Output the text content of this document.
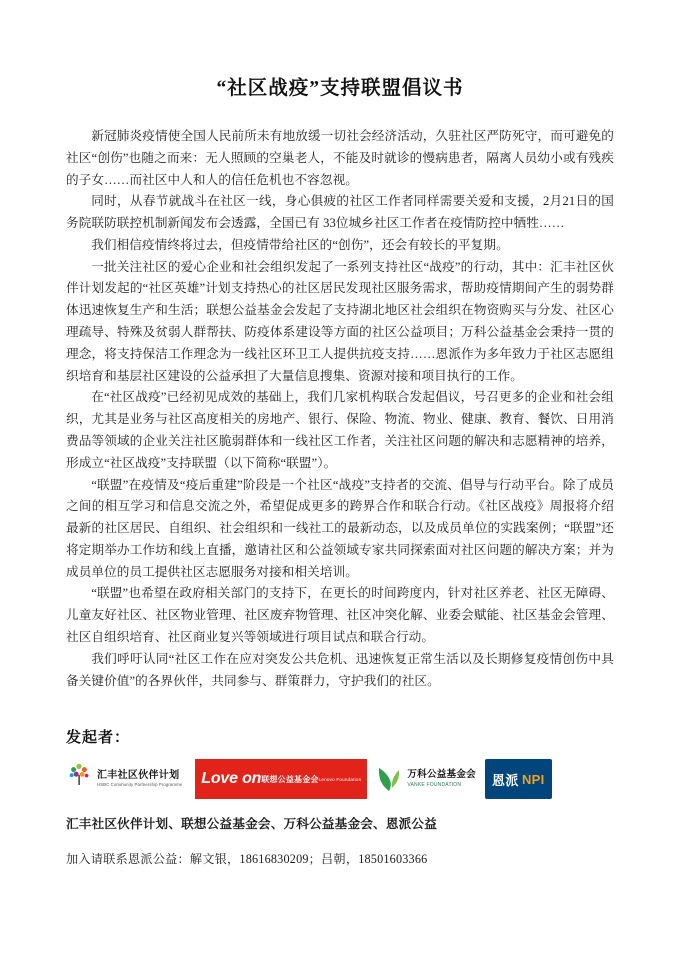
“社区战疫”支持联盟倡议书

新冠肺炎疫情使全国人民前所未有地放缓一切社会经济活动，久驻社区严防死守，而可避免的社区“创伤”也随之而来：无人照顾的空巢老人，不能及时就诊的慢病患者，隔离人员幼小或有残疾的子女……而社区中人和人的信任危机也不容忽视。

同时，从春节就战斗在社区一线，身心俱疲的社区工作者同样需要关爱和支援，2月21日的国务院联防联控机制新闻发布会透露，全国已有 33位城乡社区工作者在疫情防控中牺牲……

我们相信疫情终将过去，但疫情带给社区的“创伤”，还会有较长的平复期。

一批关注社区的爱心企业和社会组织发起了一系列支持社区“战疫”的行动，其中：汇丰社区伙伴计划发起的“社区英雄”计划支持热心的社区居民发现社区服务需求，帮助疫情期间产生的弱势群体迅速恢复生产和生活；联想公益基金会发起了支持湖北地区社会组织在物资购买与分发、社区心理疏导、特殊及贫弱人群帮扶、防疫体系建设等方面的社区公益项目；万科公益基金会秉持一贯的理念，将支持保洁工作理念为一线社区环卫工人提供抗疫支持……恩派作为多年致力于社区志愿组织培育和基层社区建设的公益承担了大量信息搜集、资源对接和项目执行的工作。

在“社区战疫”已经初见成效的基础上，我们几家机构联合发起倡议，号召更多的企业和社会组织，尤其是业务与社区高度相关的房地产、银行、保险、物流、物业、健康、教育、餐饮、日用消费品等领域的企业关注社区脆弱群体和一线社区工作者，关注社区问题的解决和志愿精神的培养，形成立“社区战疫”支持联盟（以下简称“联盟”）。

“联盟”在疫情及“疫后重建”阶段是一个社区“战疫”支持者的交流、倡导与行动平台。除了成员之间的相互学习和信息交流之外，希望促成更多的跨界合作和联合行动。《社区战疫》周报将介绍最新的社区居民、自组织、社会组织和一线社工的最新动态，以及成员单位的实践案例；“联盟”还将定期举办工作坊和线上直播，邀请社区和公益领域专家共同探索面对社区问题的解决方案；并为成员单位的员工提供社区志愿服务对接和相关培训。

“联盟”也希望在政府相关部门的支持下，在更长的时间跨度内，针对社区养老、社区无障碍、儿童友好社区、社区物业管理、社区废弃物管理、社区冲突化解、业委会赋能、社区基金会管理、社区自组织培育、社区商业复兴等领域进行项目试点和联合行动。

我们呼吁认同“社区工作在应对突发公共危机、迅速恢复正常生活以及长期修复疫情创伤中具备关键价值”的各界伙伴，共同参与、群策群力，守护我们的社区。

发起者：
汇丰社区伙伴计划
HSBC Community Partnership Programme Love on 联想公益基金会 Lenovo Foundation	万科公益基金会
VANKE FOUNDATION	恩派 NPI
汇丰社区伙伴计划、联想公益基金会、万科公益基金会、恩派公益
加入请联系恩派公益：解文银，18616830209；吕朝，18501603366
